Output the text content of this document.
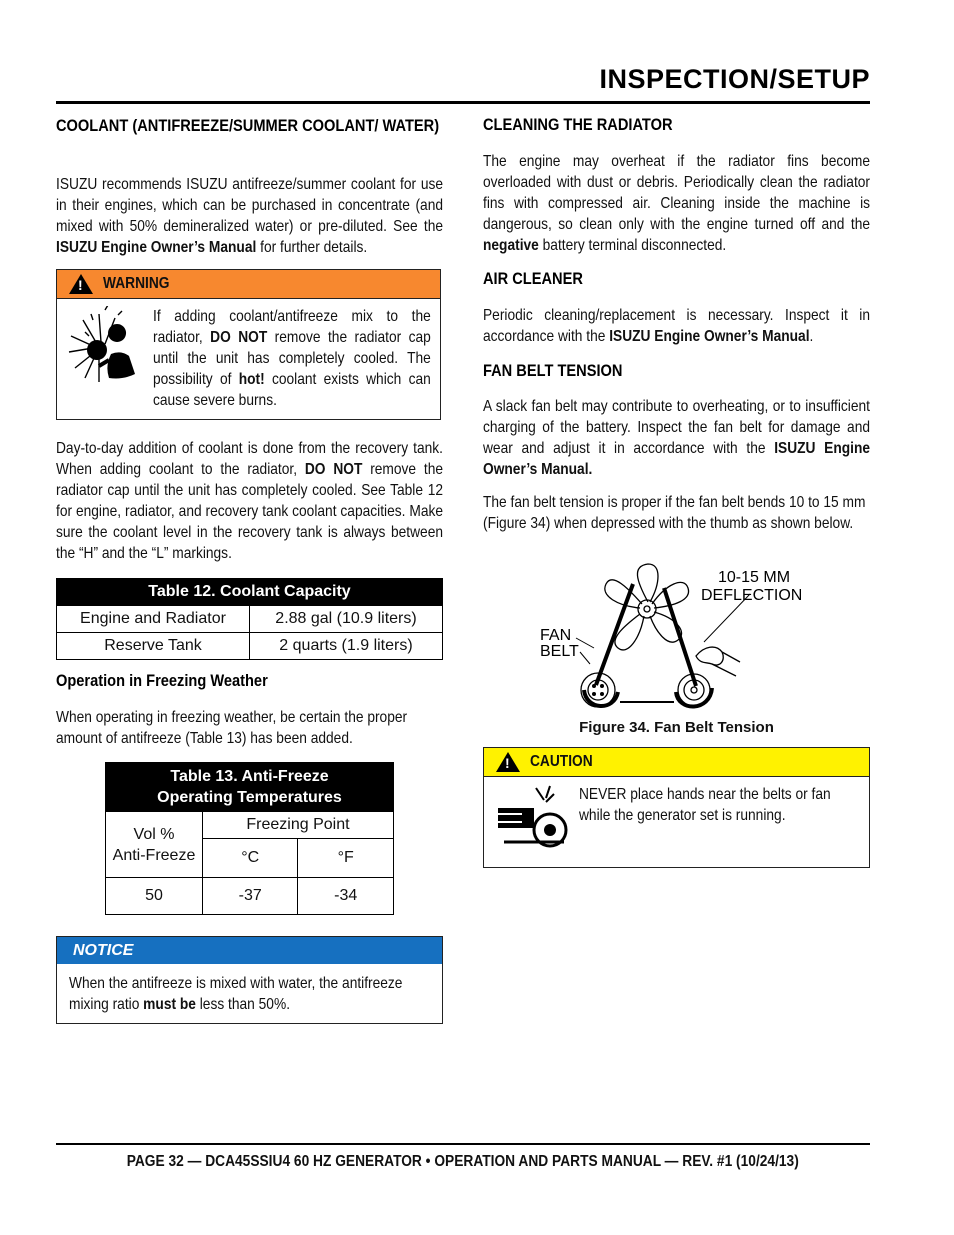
INSPECTION/SETUP
COOLANT (ANTIFREEZE/SUMMER COOLANT/ WATER)
ISUZU recommends ISUZU antifreeze/summer coolant for use in their engines, which can be purchased in concentrate (and mixed with 50% demineralized water) or pre-diluted. See the ISUZU Engine Owner’s Manual for further details.
!
WARNING
If adding coolant/antifreeze mix to the radiator, DO NOT remove the radiator cap until the unit has completely cooled. The possibility of hot! coolant exists which can cause severe burns.
Day-to-day addition of coolant is done from the recovery tank. When adding coolant to the radiator, DO NOT remove the radiator cap until the unit has completely cooled. See Table 12 for engine, radiator, and recovery tank coolant capacities. Make sure the coolant level in the recovery tank is always between the “H” and the “L” markings.
Table 12. Coolant Capacity	
Engine and Radiator	2.88 gal (10.9 liters)
Reserve Tank	2 quarts (1.9 liters)
Operation in Freezing Weather
When operating in freezing weather, be certain the proper amount of antifreeze (Table 13) has been added.
Table 13. Anti-Freeze
Operating Temperatures		

Vol %
Anti-Freeze	Freezing Point	
	°C	°F
50	-37	-34
NOTICE
When the antifreeze is mixed with water, the antifreeze mixing ratio must be less than 50%.
CLEANING THE RADIATOR
The engine may overheat if the radiator fins become overloaded with dust or debris. Periodically clean the radiator fins with compressed air. Cleaning inside the machine is dangerous, so clean only with the engine turned off and the negative battery terminal disconnected.
AIR CLEANER
Periodic cleaning/replacement is necessary. Inspect it in accordance with the ISUZU Engine Owner’s Manual.
FAN BELT TENSION
A slack fan belt may contribute to overheating, or to insufficient charging of the battery. Inspect the fan belt for damage and wear and adjust it in accordance with the ISUZU Engine Owner’s Manual.
The fan belt tension is proper if the fan belt bends 10 to 15 mm (Figure 34) when depressed with the thumb as shown below.
10-15 MM
DEFLECTION
FAN
BELT
Figure 34. Fan Belt Tension
!
CAUTION
NEVER place hands near the belts or fan while the generator set is running.
PAGE 32 — DCA45SSIU4 60 HZ GENERATOR • OPERATION AND PARTS MANUAL — REV. #1 (10/24/13)
